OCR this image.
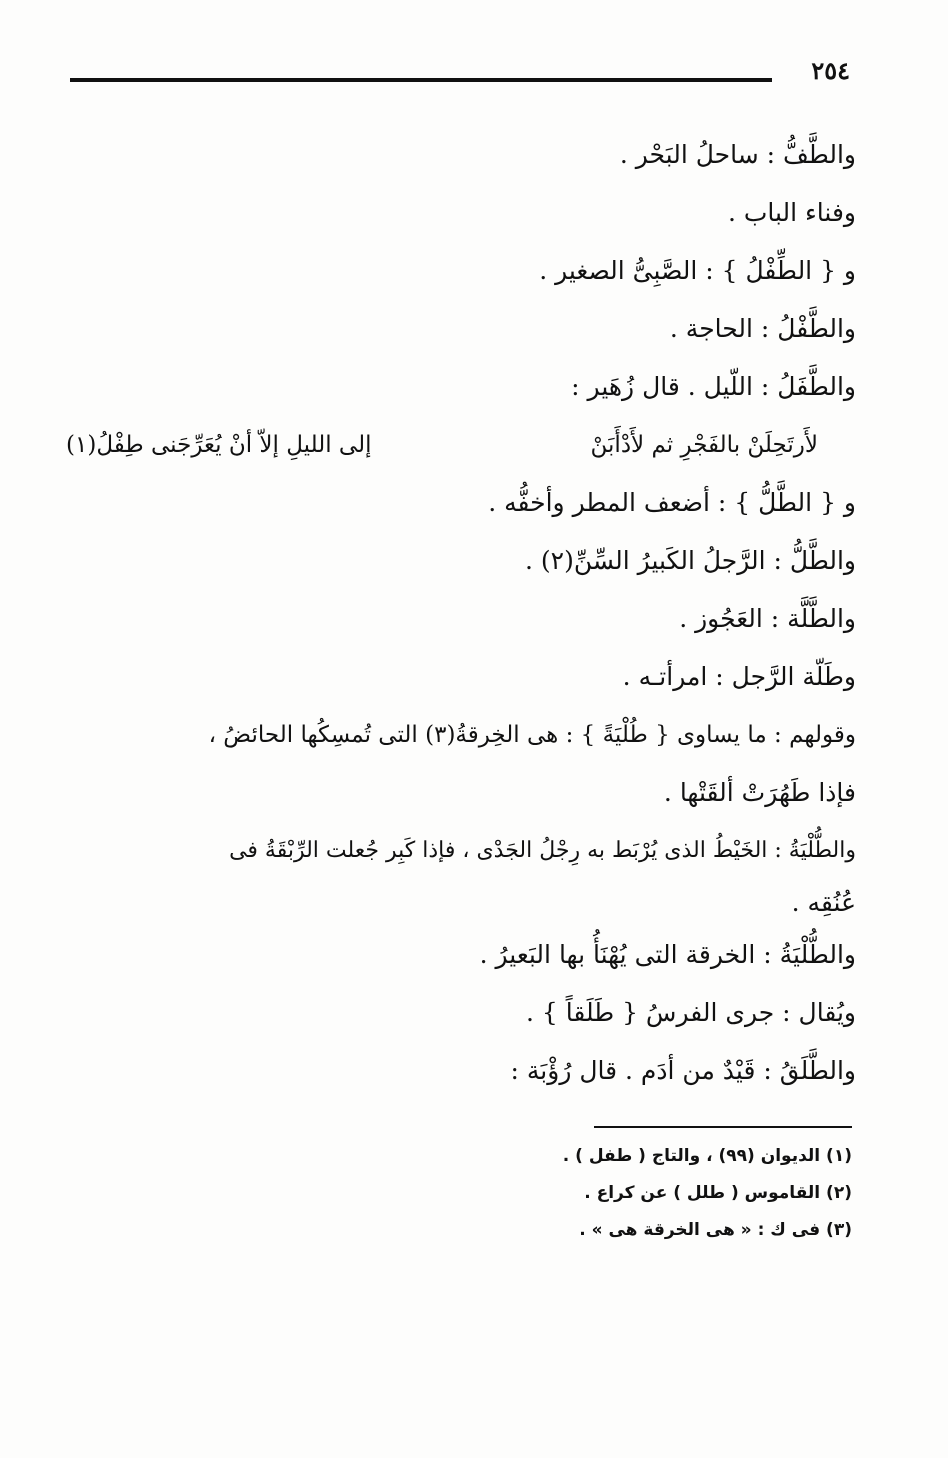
٢٥٤
والطَّفُّ : ساحلُ البَحْر .
وفناء الباب .
و { الطِّفْلُ } : الصَّبِىُّ الصغير .
والطَّفْلُ : الحاجة .
والطَّفَلُ : اللّيل . قال زُهَير :
لأَرتَحِلَنْ بالفَجْرِ ثم لأَدْأَبَنْ
إلى الليلِ إلاّ أنْ يُعَرِّجَنى طِفْلُ(١)
و { الطَّلُّ } : أضعف المطر وأخفُّه .
والطَّلُّ : الرَّجلُ الكَبيرُ السِّنِّ(٢) .
والطَّلَّة : العَجُوز .
وطَلّة الرَّجل : امرأتـه .
وقولهم : ما يساوى { طُلْيَةً } : هى الخِرقةُ(٣) التى تُمسِكُها الحائضُ ،
فإذا طَهُرَتْ ألقَتْها .
والطُّلْيَةُ : الخَيْطُ الذى يُرْبَط به رِجْلُ الجَدْى ، فإذا كَبِر جُعلت الرِّبْقَةُ فى
عُنُقِه .
والطُّلْيَةُ : الخرقة التى يُهْنَأُ بها البَعيرُ .
ويُقال : جرى الفرسُ { طَلَقاً } .
والطَّلَقُ : قَيْدٌ من أدَم . قال رُؤْبَة :
(١) الديوان (٩٩) ، والتاج ( طفل ) .
(٢) القاموس ( طلل ) عن كراع .
(٣) فى ك : « هى الخرقة هى » .
